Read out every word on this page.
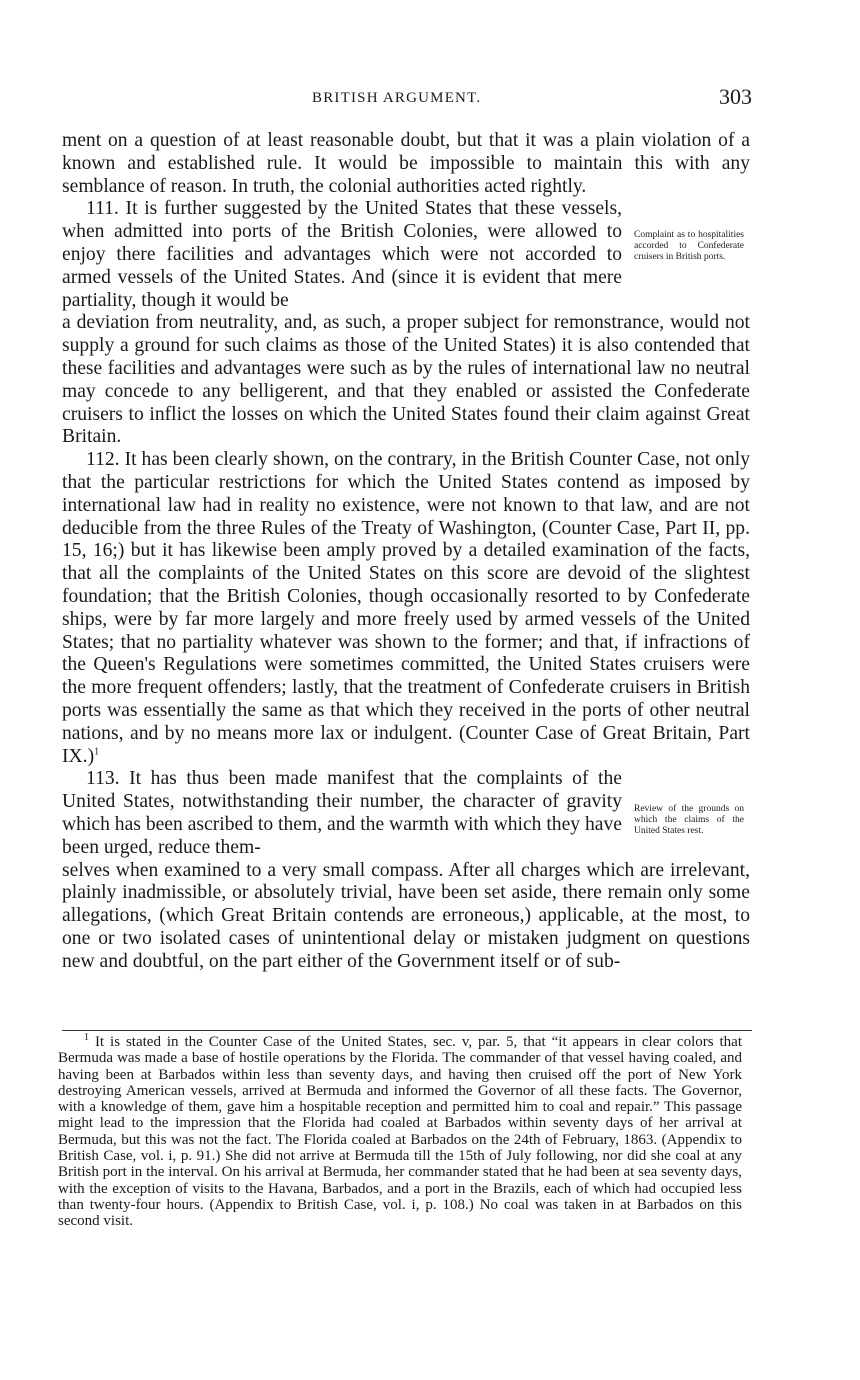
BRITISH ARGUMENT.	303

ment on a question of at least reasonable doubt, but that it was a plain violation of a known and established rule. It would be impossible to maintain this with any semblance of reason. In truth, the colonial authorities acted rightly.

111. It is further suggested by the United States that these vessels, when admitted into ports of the British Colonies, were allowed to enjoy there facilities and advantages which were not accorded to armed vessels of the United States. And (since it is evident that mere partiality, though it would be

Complaint as to hospitalities accorded to Confederate cruisers in British ports.

a deviation from neutrality, and, as such, a proper subject for remonstrance, would not supply a ground for such claims as those of the United States) it is also contended that these facilities and advantages were such as by the rules of international law no neutral may concede to any belligerent, and that they enabled or assisted the Confederate cruisers to inflict the losses on which the United States found their claim against Great Britain.

112. It has been clearly shown, on the contrary, in the British Counter Case, not only that the particular restrictions for which the United States contend as imposed by international law had in reality no existence, were not known to that law, and are not deducible from the three Rules of the Treaty of Washington, (Counter Case, Part II, pp. 15, 16;) but it has likewise been amply proved by a detailed examination of the facts, that all the complaints of the United States on this score are devoid of the slightest foundation; that the British Colonies, though occasionally resorted to by Confederate ships, were by far more largely and more freely used by armed vessels of the United States; that no partiality whatever was shown to the former; and that, if infractions of the Queen's Regulations were sometimes committed, the United States cruisers were the more frequent offenders; lastly, that the treatment of Confederate cruisers in British ports was essentially the same as that which they received in the ports of other neutral nations, and by no means more lax or indulgent. (Counter Case of Great Britain, Part IX.)$^1$

113. It has thus been made manifest that the complaints of the United States, notwithstanding their number, the character of gravity which has been ascribed to them, and the warmth with which they have been urged, reduce them-

Review of the grounds on which the claims of the United States rest.

selves when examined to a very small compass. After all charges which are irrelevant, plainly inadmissible, or absolutely trivial, have been set aside, there remain only some allegations, (which Great Britain contends are erroneous,) applicable, at the most, to one or two isolated cases of unintentional delay or mistaken judgment on questions new and doubtful, on the part either of the Government itself or of sub-

$^1$ It is stated in the Counter Case of the United States, sec. v, par. 5, that “it appears in clear colors that Bermuda was made a base of hostile operations by the Florida. The commander of that vessel having coaled, and having been at Barbados within less than seventy days, and having then cruised off the port of New York destroying American vessels, arrived at Bermuda and informed the Governor of all these facts. The Governor, with a knowledge of them, gave him a hospitable reception and permitted him to coal and repair.” This passage might lead to the impression that the Florida had coaled at Barbados within seventy days of her arrival at Bermuda, but this was not the fact. The Florida coaled at Barbados on the 24th of February, 1863. (Appendix to British Case, vol. i, p. 91.) She did not arrive at Bermuda till the 15th of July following, nor did she coal at any British port in the interval. On his arrival at Bermuda, her commander stated that he had been at sea seventy days, with the exception of visits to the Havana, Barbados, and a port in the Brazils, each of which had occupied less than twenty-four hours. (Appendix to British Case, vol. i, p. 108.) No coal was taken in at Barbados on this second visit.
